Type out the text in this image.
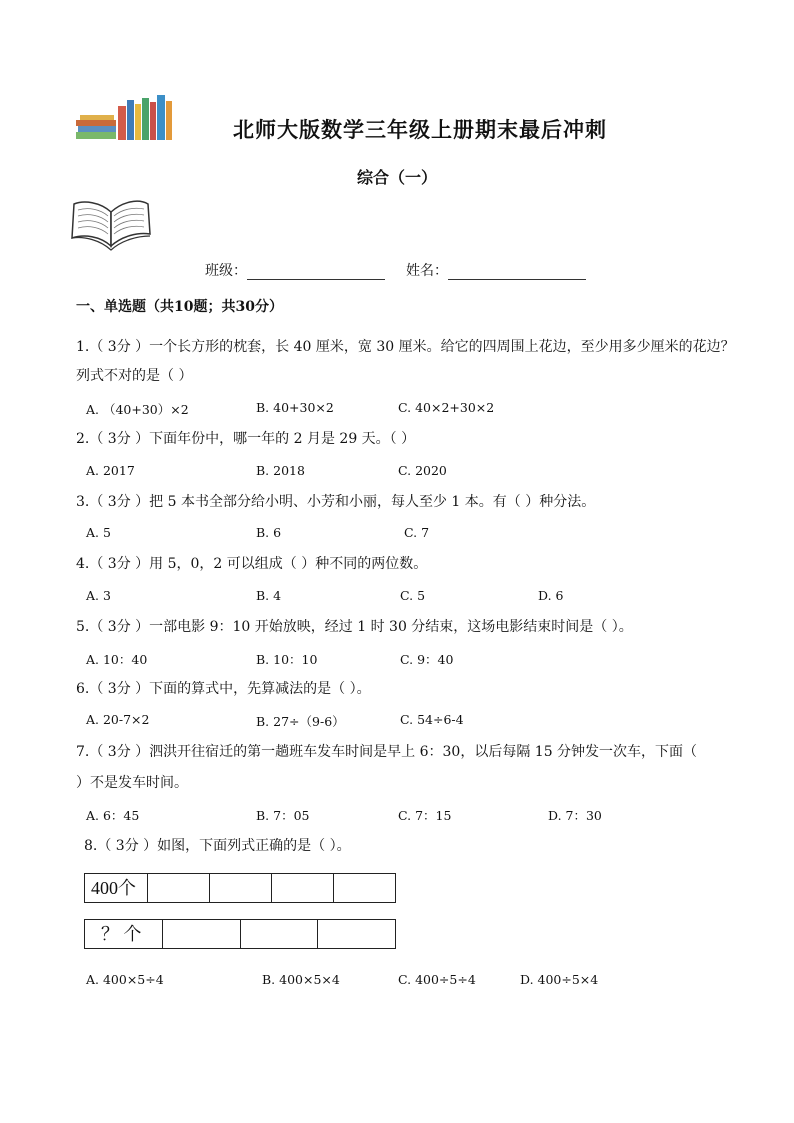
北师大版数学三年级上册期末最后冲刺
综合（一）
班级：	姓名：
一、单选题（共10题；共30分）
1.（ 3分 ）一个长方形的枕套，长 40 厘米，宽 30 厘米。给它的四周围上花边，至少用多少厘米的花边？
列式不对的是（ ）
A. （40+30）×2	B. 40+30×2	C. 40×2+30×2
2.（ 3分 ）下面年份中，哪一年的 2 月是 29 天。（ ）
A. 2017	B. 2018	C. 2020
3.（ 3分 ）把 5 本书全部分给小明、小芳和小丽，每人至少 1 本。有（ ）种分法。
A. 5	B. 6	C. 7
4.（ 3分 ）用 5，0，2 可以组成（ ）种不同的两位数。
A. 3	B. 4	C. 5	D. 6
5.（ 3分 ）一部电影 9：10 开始放映，经过 1 时 30 分结束，这场电影结束时间是（ ）。
A. 10：40	B. 10：10	C. 9：40
6.（ 3分 ）下面的算式中，先算减法的是（ ）。
A. 20-7×2	B. 27÷（9-6）	C. 54÷6-4
7.（ 3分 ）泗洪开往宿迁的第一趟班车发车时间是早上 6：30，以后每隔 15 分钟发一次车，下面（
）不是发车时间。
A. 6：45	B. 7：05	C. 7：15	D. 7：30
8.（ 3分 ）如图，下面列式正确的是（ ）。
400个
？ 个
A. 400×5÷4	B. 400×5×4	C. 400÷5÷4	D. 400÷5×4
